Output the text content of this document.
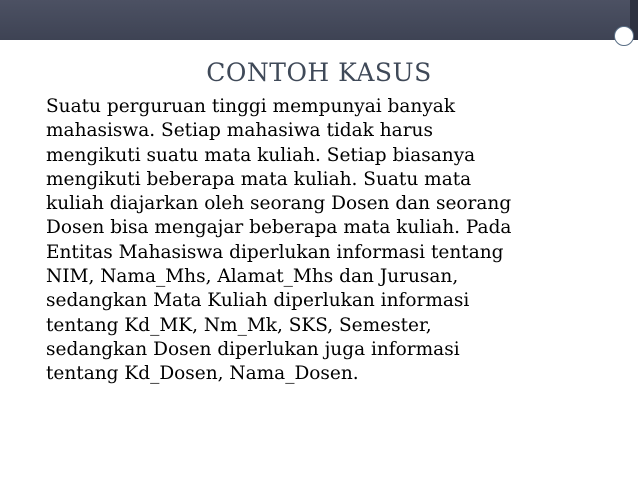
CONTOH KASUS
Suatu perguruan tinggi mempunyai banyak
mahasiswa. Setiap mahasiwa tidak harus
mengikuti suatu mata kuliah. Setiap biasanya
mengikuti beberapa mata kuliah. Suatu mata
kuliah diajarkan oleh seorang Dosen dan seorang
Dosen bisa mengajar beberapa mata kuliah. Pada
Entitas Mahasiswa diperlukan informasi tentang
NIM, Nama_Mhs, Alamat_Mhs dan Jurusan,
sedangkan Mata Kuliah diperlukan informasi
tentang Kd_MK, Nm_Mk, SKS, Semester,
sedangkan Dosen diperlukan juga informasi
tentang Kd_Dosen, Nama_Dosen.
